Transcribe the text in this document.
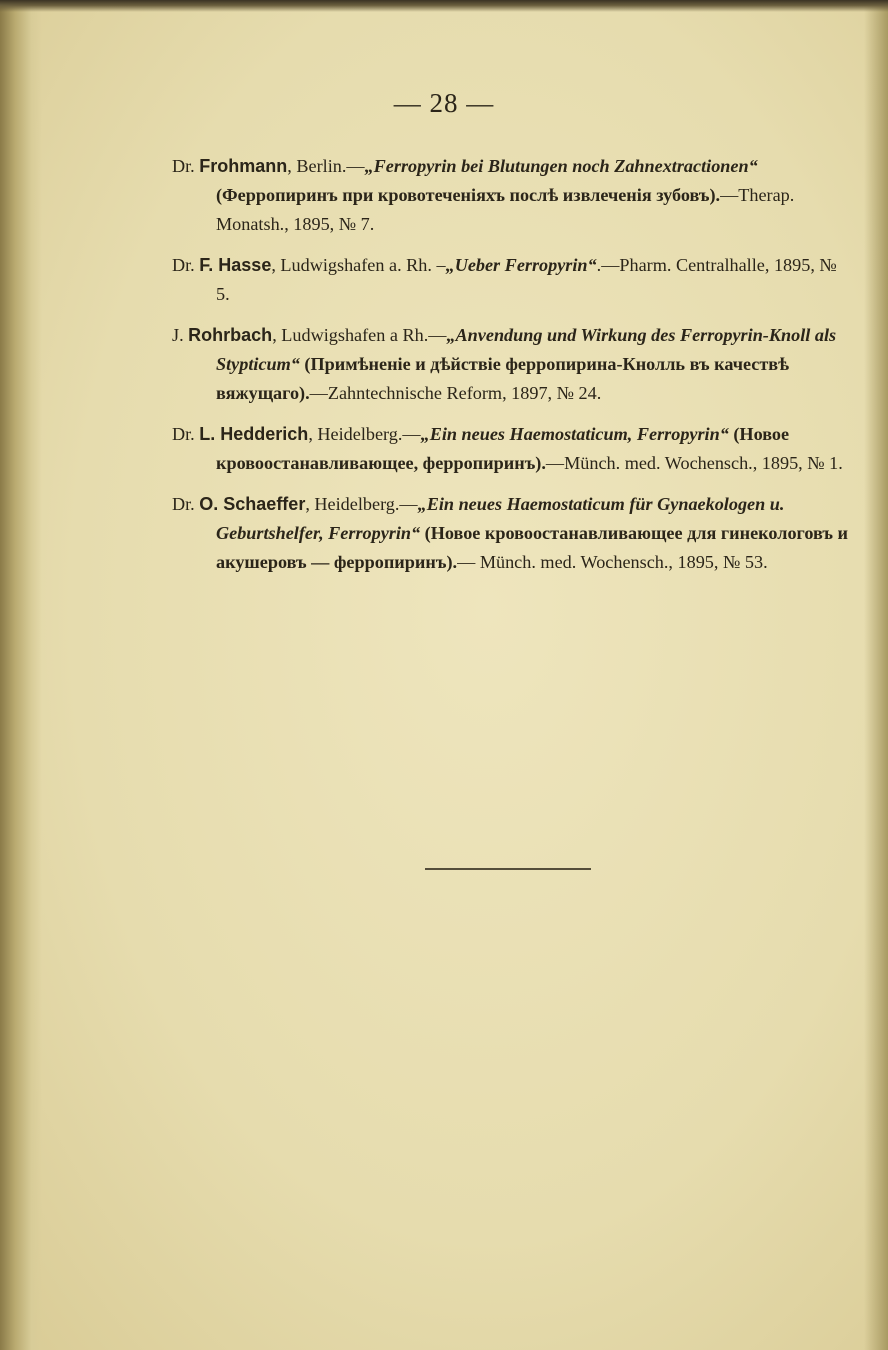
— 28 —
Dr. Frohmann, Berlin.—„Ferropyrin bei Blutungen noch Zahnextractionen“ (Ферропиринъ при кровотеченіяхъ послѣ извлеченія зубовъ).—Therap. Monatsh., 1895, № 7.
Dr. F. Hasse, Ludwigshafen a. Rh. –„Ueber Ferropyrin“.—Pharm. Centralhalle, 1895, № 5.
J. Rohrbach, Ludwigshafen a Rh.—„Anvendung und Wirkung des Ferropyrin-Knoll als Stypticum“ (Примѣненіе и дѣйствіе ферропирина-Кнолль въ качествѣ вяжущаго).—Zahntechnische Reform, 1897, № 24.
Dr. L. Hedderich, Heidelberg.—„Ein neues Haemostaticum, Ferropyrin“ (Новое кровоостанавливающее, ферропиринъ).—Münch. med. Wochensch., 1895, № 1.
Dr. O. Schaeffer, Heidelberg.—„Ein neues Haemostaticum für Gynaekologen u. Geburtshelfer, Ferropyrin“ (Новое кровоостанавливающее для гинекологовъ и акушеровъ — ферропиринъ).— Münch. med. Wochensch., 1895, № 53.
